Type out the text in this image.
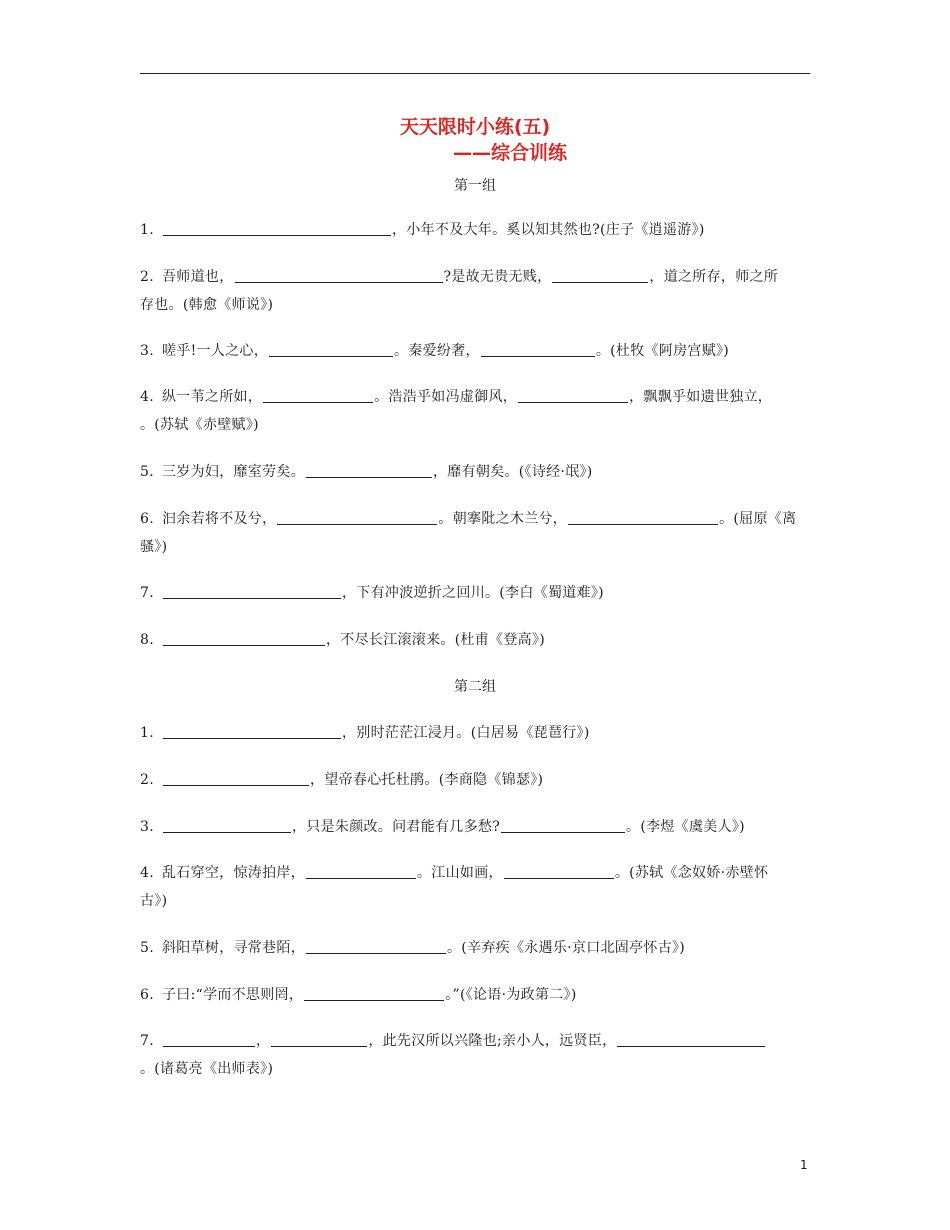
天天限时小练(五)
——综合训练
第一组
1.	，小年不及大年。奚以知其然也?(庄子《逍遥游》)
2. 吾师道也，	?是故无贵无贱，	，道之所存，师之所
存也。(韩愈《师说》)
3. 嗟乎!一人之心，	。秦爱纷奢，	。(杜牧《阿房宫赋》)
4. 纵一苇之所如，	。浩浩乎如冯虚御风，	，飘飘乎如遗世独立，
。(苏轼《赤壁赋》)
5. 三岁为妇，靡室劳矣。	，靡有朝矣。(《诗经·氓》)
6. 汩余若将不及兮，	。朝搴阰之木兰兮，	。(屈原《离
骚》)
7.	，下有冲波逆折之回川。(李白《蜀道难》)
8.	，不尽长江滚滚来。(杜甫《登高》)
第二组
1.	，别时茫茫江浸月。(白居易《琵琶行》)
2.	，望帝春心托杜鹃。(李商隐《锦瑟》)
3.	，只是朱颜改。问君能有几多愁?	。(李煜《虞美人》)
4. 乱石穿空，惊涛拍岸，	。江山如画，	。(苏轼《念奴娇·赤壁怀
古》)
5. 斜阳草树，寻常巷陌，	。(辛弃疾《永遇乐·京口北固亭怀古》)
6. 子曰:“学而不思则罔，	。”(《论语·为政第二》)
7.	，	，此先汉所以兴隆也;亲小人，远贤臣，
。(诸葛亮《出师表》)
1
